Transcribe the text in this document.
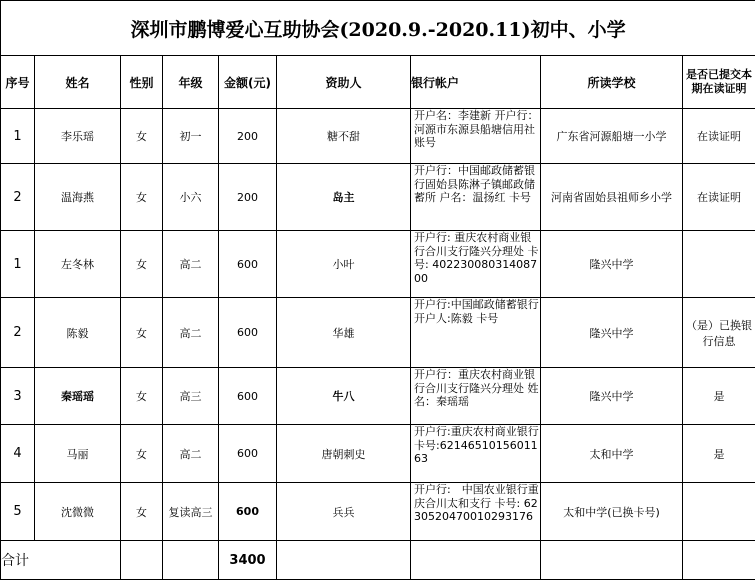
深圳市鹏博爱心互助协会(2020.9.-2020.11)初中、小学								
序号	姓名	性别	年级	金额(元)	资助人	银行帐户	所读学校	是否已提交本期在读证明
1	李乐瑶	女	初一	200	糖不甜	开户名：李建新 开户行：河源市东源县船塘信用社 账号	广东省河源船塘一小学	在读证明
2	温海燕	女	小六	200	岛主	开户行：中国邮政储蓄银行固始县陈淋子镇邮政储蓄所 户名：温扬红 卡号	河南省固始县祖师乡小学	在读证明
1	左冬林	女	高二	600	小叶	开户行: 重庆农村商业银行合川支行隆兴分理处 卡号: 40223008031408700	隆兴中学	
2	陈毅	女	高二	600	华雄	开户行:中国邮政储蓄银行 开户人:陈毅 卡号	隆兴中学	（是）已换银行信息
3	秦瑶瑶	女	高三	600	牛八	开户行：重庆农村商业银行合川支行隆兴分理处 姓名：秦瑶瑶	隆兴中学	是
4	马丽	女	高二	600	唐朝刺史	开户行:重庆农村商业银行 卡号:6214651015601163	太和中学	是
5	沈微微	女	复读高三	600	兵兵	开户行:　中国农业银行重庆合川太和支行 卡号: 6230520470010293176	太和中学(已换卡号)	
合计				3400				
